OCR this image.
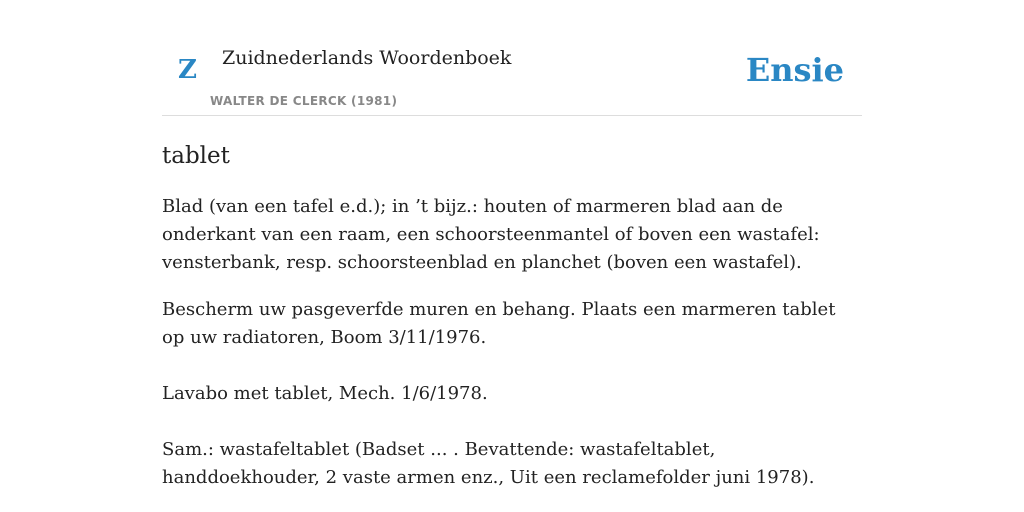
Z Zuidnederlands Woordenboek
WALTER DE CLERCK (1981)
Ensie
tablet

Blad (van een tafel e.d.); in ’t bijz.: houten of marmeren blad aan de onderkant van een raam, een schoorsteenmantel of boven een wastafel: vensterbank, resp. schoorsteenblad en planchet (boven een wastafel).

Bescherm uw pasgeverfde muren en behang. Plaats een marmeren tablet op uw radiatoren, Boom 3/11/1976.

Lavabo met tablet, Mech. 1/6/1978.

Sam.: wastafeltablet (Badset ... . Bevattende: wastafeltablet, handdoekhouder, 2 vaste armen enz., Uit een reclamefolder juni 1978).
